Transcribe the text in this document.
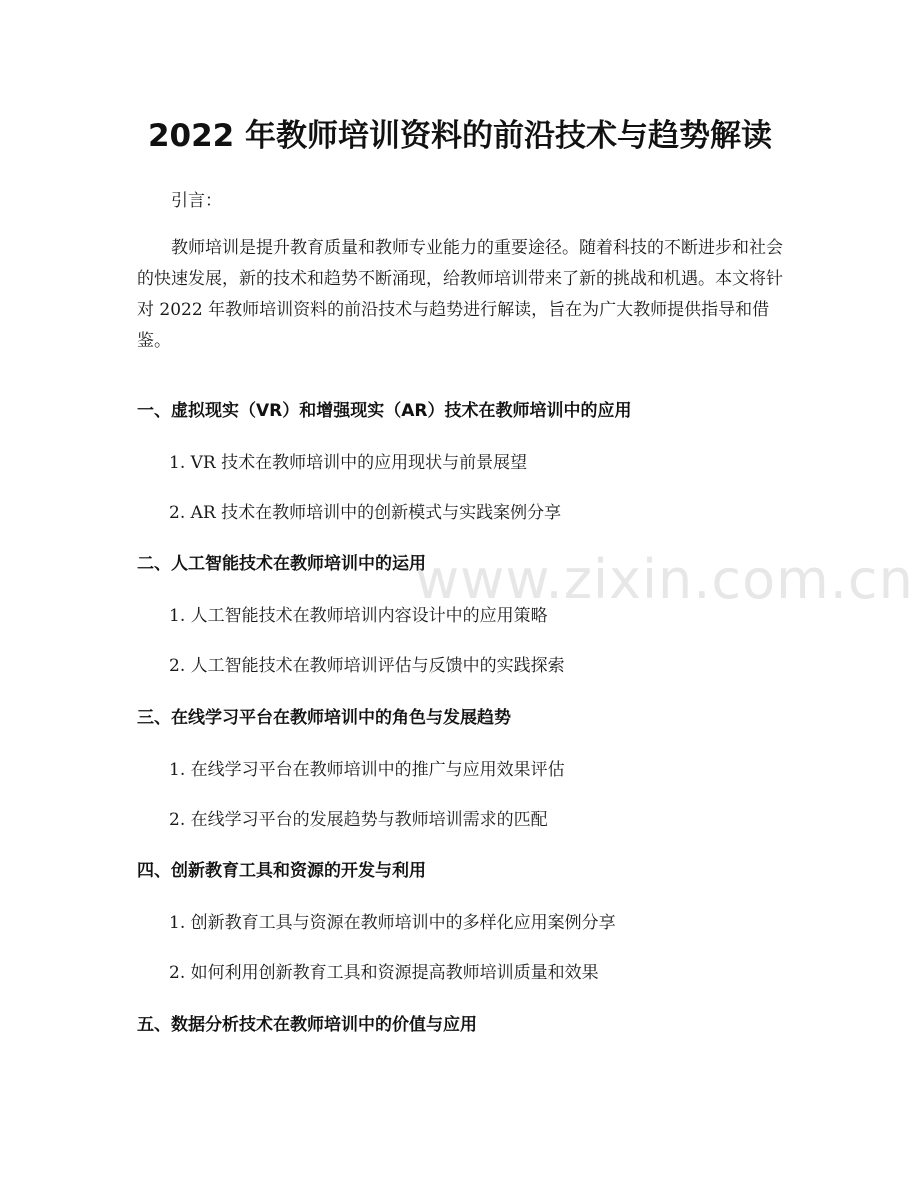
2022 年教师培训资料的前沿技术与趋势解读
引言：
教师培训是提升教育质量和教师专业能力的重要途径。随着科技的不断进步和社会的快速发展，新的技术和趋势不断涌现，给教师培训带来了新的挑战和机遇。本文将针对 2022 年教师培训资料的前沿技术与趋势进行解读，旨在为广大教师提供指导和借鉴。
一、虚拟现实（VR）和增强现实（AR）技术在教师培训中的应用
1. VR 技术在教师培训中的应用现状与前景展望
2. AR 技术在教师培训中的创新模式与实践案例分享
二、人工智能技术在教师培训中的运用
1. 人工智能技术在教师培训内容设计中的应用策略
2. 人工智能技术在教师培训评估与反馈中的实践探索
三、在线学习平台在教师培训中的角色与发展趋势
1. 在线学习平台在教师培训中的推广与应用效果评估
2. 在线学习平台的发展趋势与教师培训需求的匹配
四、创新教育工具和资源的开发与利用
1. 创新教育工具与资源在教师培训中的多样化应用案例分享
2. 如何利用创新教育工具和资源提高教师培训质量和效果
五、数据分析技术在教师培训中的价值与应用
www.zixin.com.cn
